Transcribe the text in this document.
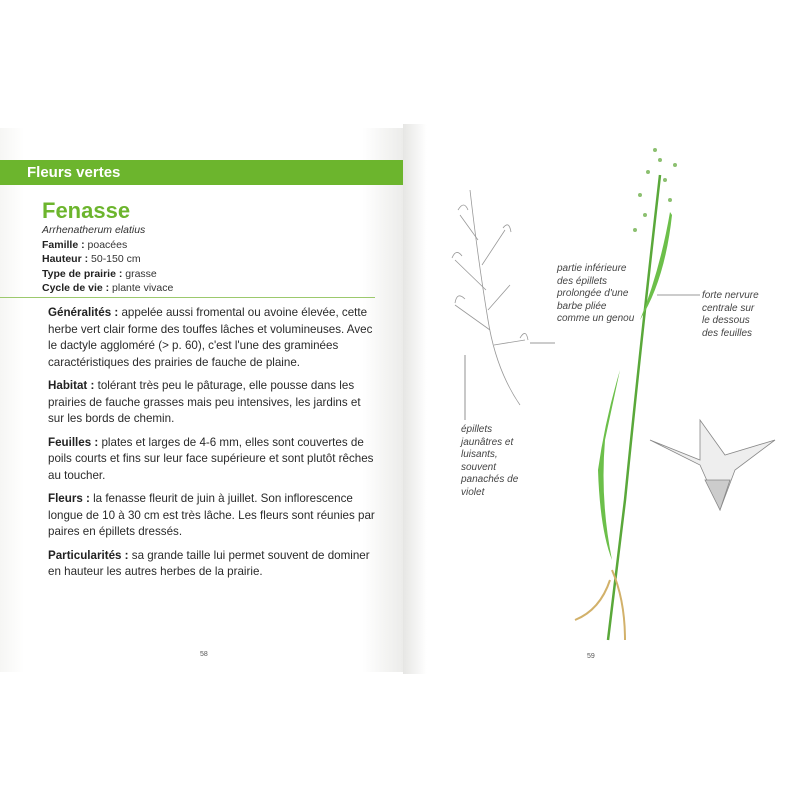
Fleurs vertes
Fenasse
Arrhenatherum elatius
Famille : poacées
Hauteur : 50-150 cm
Type de prairie : grasse
Cycle de vie : plante vivace

Généralités : appelée aussi fromental ou avoine élevée, cette herbe vert clair forme des touffes lâches et volumineuses. Avec le dactyle aggloméré (> p. 60), c'est l'une des graminées caractéristiques des prairies de fauche de plaine.

Habitat : tolérant très peu le pâturage, elle pousse dans les prairies de fauche grasses mais peu intensives, les jardins et sur les bords de chemin.

Feuilles : plates et larges de 4-6 mm, elles sont couvertes de poils courts et fins sur leur face supérieure et sont plutôt rêches au toucher.

Fleurs : la fenasse fleurit de juin à juillet. Son inflorescence longue de 10 à 30 cm est très lâche. Les fleurs sont réunies par paires en épillets dressés.

Particularités : sa grande taille lui permet souvent de dominer en hauteur les autres herbes de la prairie.

58	59
partie inférieure des épillets prolongée d'une barbe pliée comme un genou
forte nervure centrale sur le dessous des feuilles
épillets jaunâtres et luisants, souvent panachés de violet
